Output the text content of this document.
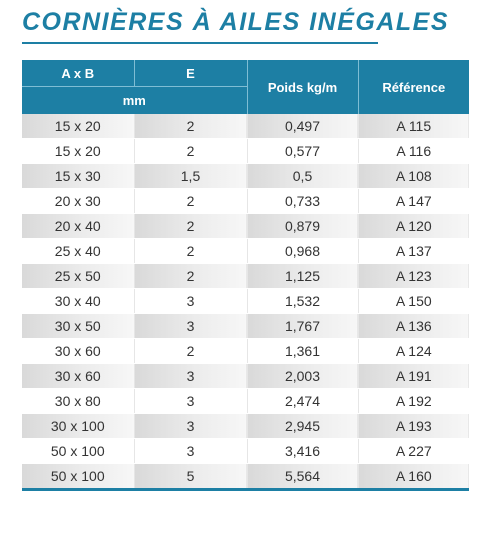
CORNIÈRES À AILES INÉGALES
A x B	E	Poids kg/m	Référence
mm			
15 x 20	2	0,497	A 115
15 x 20	2	0,577	A 116
15 x 30	1,5	0,5	A 108
20 x 30	2	0,733	A 147
20 x 40	2	0,879	A 120
25 x 40	2	0,968	A 137
25 x 50	2	1,125	A 123
30 x 40	3	1,532	A 150
30 x 50	3	1,767	A 136
30 x 60	2	1,361	A 124
30 x 60	3	2,003	A 191
30 x 80	3	2,474	A 192
30 x 100	3	2,945	A 193
50 x 100	3	3,416	A 227
50 x 100	5	5,564	A 160
